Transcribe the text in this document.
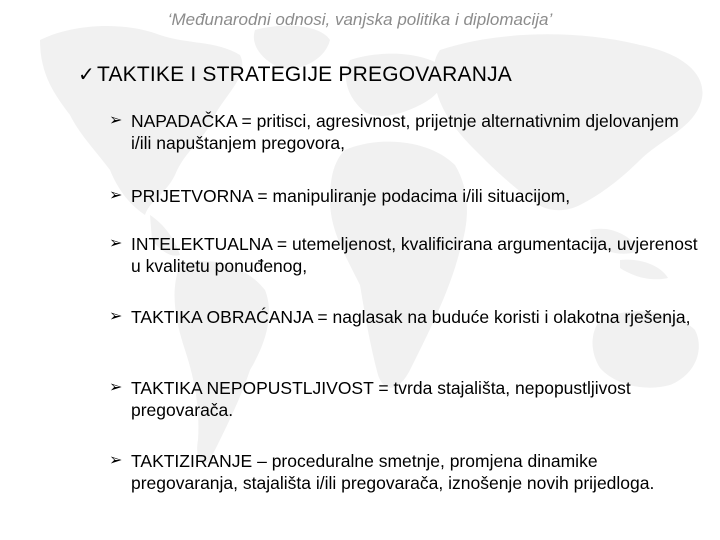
‘Međunarodni odnosi, vanjska politika i diplomacija’
✓ TAKTIKE I STRATEGIJE PREGOVARANJA
➢ NAPADAČKA = pritisci, agresivnost, prijetnje alternativnim djelovanjem i/ili napuštanjem pregovora,
➢ PRIJETVORNA = manipuliranje podacima i/ili situacijom,
➢ INTELEKTUALNA = utemeljenost, kvalificirana argumentacija, uvjerenost u kvalitetu ponuđenog,
➢ TAKTIKA OBRAĆANJA = naglasak na buduće koristi i olakotna rješenja,
➢ TAKTIKA NEPOPUSTLJIVOST = tvrda stajališta, nepopustljivost pregovarača.
➢ TAKTIZIRANJE – proceduralne smetnje, promjena dinamike pregovaranja, stajališta i/ili pregovarača, iznošenje novih prijedloga.
